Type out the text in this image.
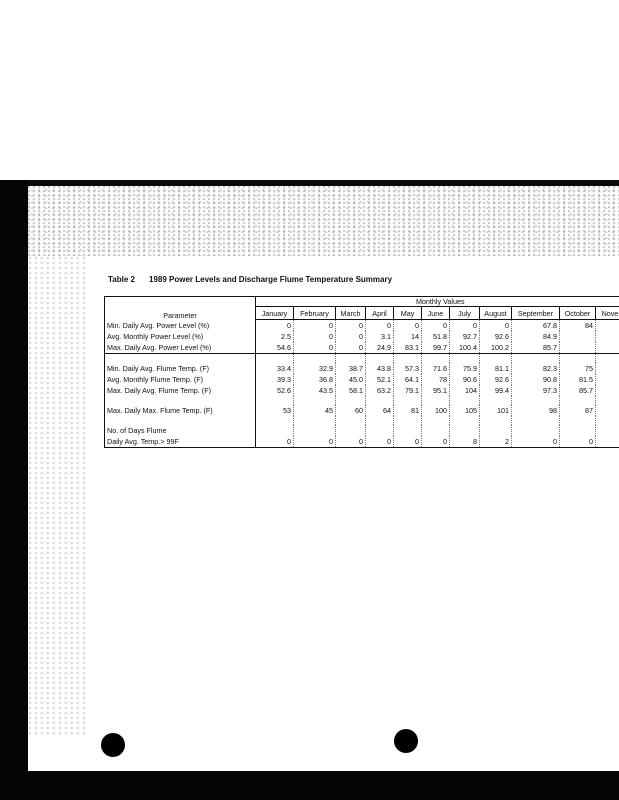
Table 2 1989 Power Levels and Discharge Flume Temperature Summary
Parameter	Monthly Values										
	January	February	March	April	May	June	July	August	September	October	Nove
Min. Daily Avg. Power Level (%)	0	0	0	0	0	0	0	0	67.8	84	
Avg. Monthly Power Level (%)	2.5	0	0	3.1	14	51.8	92.7	92.6	84.9		
Max. Daily Avg. Power Level (%)	54.6	0	0	24.9	83.1	99.7	100.4	100.2	85.7		

Min. Daily Avg. Flume Temp. (F)	33.4	32.9	38.7	43.8	57.3	71.6	75.9	81.1	82.3	75	
Avg. Monthly Flume Temp. (F)	39.3	36.8	45.0	52.1	64.1	78	90.6	92.6	90.8	81.5	
Max. Daily Avg. Flume Temp. (F)	52.6	43.5	58.1	63.2	79.1	95.1	104	99.4	97.3	85.7	

Max. Daily Max. Flume Temp. (F)	53	45	60	64	81	100	105	101	98	87	

No. of Days Flume											
Daily Avg. Temp.> 99F	0	0	0	0	0	0	8	2	0	0	
